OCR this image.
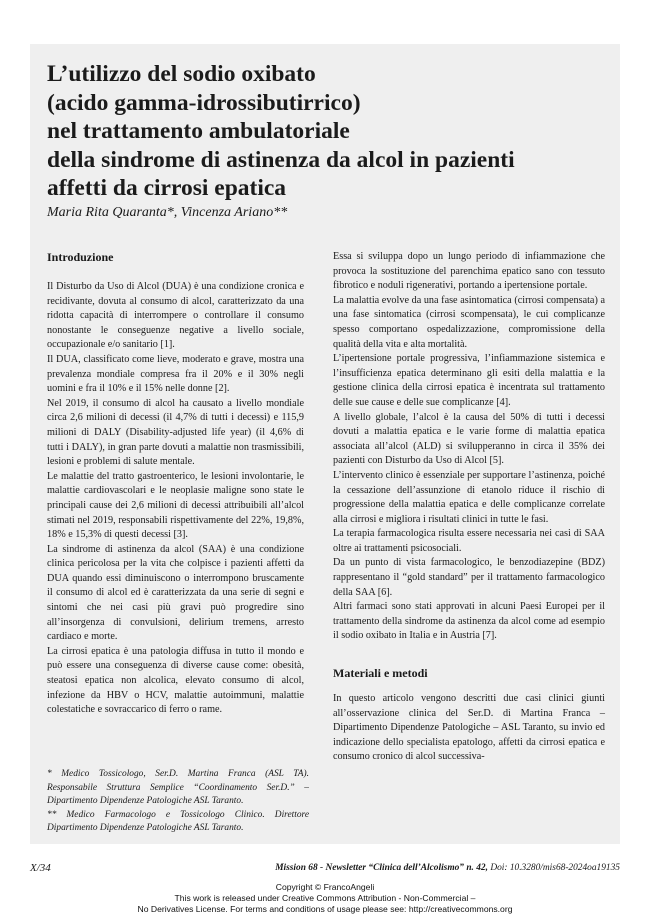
L’utilizzo del sodio oxibato
(acido gamma-idrossibutirrico)
nel trattamento ambulatoriale
della sindrome di astinenza da alcol in pazienti
affetti da cirrosi epatica
Maria Rita Quaranta*, Vincenza Ariano**
Introduzione

Il Disturbo da Uso di Alcol (DUA) è una condizione cronica e recidivante, dovuta al consumo di alcol, caratterizzato da una ridotta capacità di interrompere o controllare il consumo nonostante le conseguenze negative a livello sociale, occupazionale e/o sanitario [1].

Il DUA, classificato come lieve, moderato e grave, mostra una prevalenza mondiale compresa fra il 20% e il 30% negli uomini e fra il 10% e il 15% nelle donne [2].

Nel 2019, il consumo di alcol ha causato a livello mondiale circa 2,6 milioni di decessi (il 4,7% di tutti i decessi) e 115,9 milioni di DALY (Disability-adjusted life year) (il 4,6% di tutti i DALY), in gran parte dovuti a malattie non trasmissibili, lesioni e problemi di salute mentale.

Le malattie del tratto gastroenterico, le lesioni involontarie, le malattie cardiovascolari e le neoplasie maligne sono state le principali cause dei 2,6 milioni di decessi attribuibili all’alcol stimati nel 2019, responsabili rispettivamente del 22%, 19,8%, 18% e 15,3% di questi decessi [3].

La sindrome di astinenza da alcol (SAA) è una condizione clinica pericolosa per la vita che colpisce i pazienti affetti da DUA quando essi diminuiscono o interrompono bruscamente il consumo di alcol ed è caratterizzata da una serie di segni e sintomi che nei casi più gravi può progredire sino all’insorgenza di convulsioni, delirium tremens, arresto cardiaco e morte.

La cirrosi epatica è una patologia diffusa in tutto il mondo e può essere una conseguenza di diverse cause come: obesità, steatosi epatica non alcolica, elevato consumo di alcol, infezione da HBV o HCV, malattie autoimmuni, malattie colestatiche e sovraccarico di ferro o rame.

Essa si sviluppa dopo un lungo periodo di infiammazione che provoca la sostituzione del parenchima epatico sano con tessuto fibrotico e noduli rigenerativi, portando a ipertensione portale.

La malattia evolve da una fase asintomatica (cirrosi compensata) a una fase sintomatica (cirrosi scompensata), le cui complicanze spesso comportano ospedalizzazione, compromissione della qualità della vita e alta mortalità.

L’ipertensione portale progressiva, l’infiammazione sistemica e l’insufficienza epatica determinano gli esiti della malattia e la gestione clinica della cirrosi epatica è incentrata sul trattamento delle sue cause e delle sue complicanze [4].

A livello globale, l’alcol è la causa del 50% di tutti i decessi dovuti a malattia epatica e le varie forme di malattia epatica associata all’alcol (ALD) si svilupperanno in circa il 35% dei pazienti con Disturbo da Uso di Alcol [5].

L’intervento clinico è essenziale per supportare l’astinenza, poiché la cessazione dell’assunzione di etanolo riduce il rischio di progressione della malattia epatica e delle complicanze correlate alla cirrosi e migliora i risultati clinici in tutte le fasi.

La terapia farmacologica risulta essere necessaria nei casi di SAA oltre ai trattamenti psicosociali.

Da un punto di vista farmacologico, le benzodiazepine (BDZ) rappresentano il “gold standard” per il trattamento farmacologico della SAA [6].

Altri farmaci sono stati approvati in alcuni Paesi Europei per il trattamento della sindrome da astinenza da alcol come ad esempio il sodio oxibato in Italia e in Austria [7].

Materiali e metodi

In questo articolo vengono descritti due casi clinici giunti all’osservazione clinica del Ser.D. di Martina Franca – Dipartimento Dipendenze Patologiche – ASL Taranto, su invio ed indicazione dello specialista epatologo, affetti da cirrosi epatica e consumo cronico di alcol successiva-

* Medico Tossicologo, Ser.D. Martina Franca (ASL TA). Responsabile Struttura Semplice “Coordinamento Ser.D.” – Dipartimento Dipendenze Patologiche ASL Taranto.

** Medico Farmacologo e Tossicologo Clinico. Direttore Dipartimento Dipendenze Patologiche ASL Taranto.

X/34	Mission 68 - Newsletter “Clinica dell’Alcolismo” n. 42, Doi: 10.3280/mis68-2024oa19135
Copyright © FrancoAngeli
This work is released under Creative Commons Attribution - Non-Commercial –
No Derivatives License. For terms and conditions of usage please see: http://creativecommons.org
